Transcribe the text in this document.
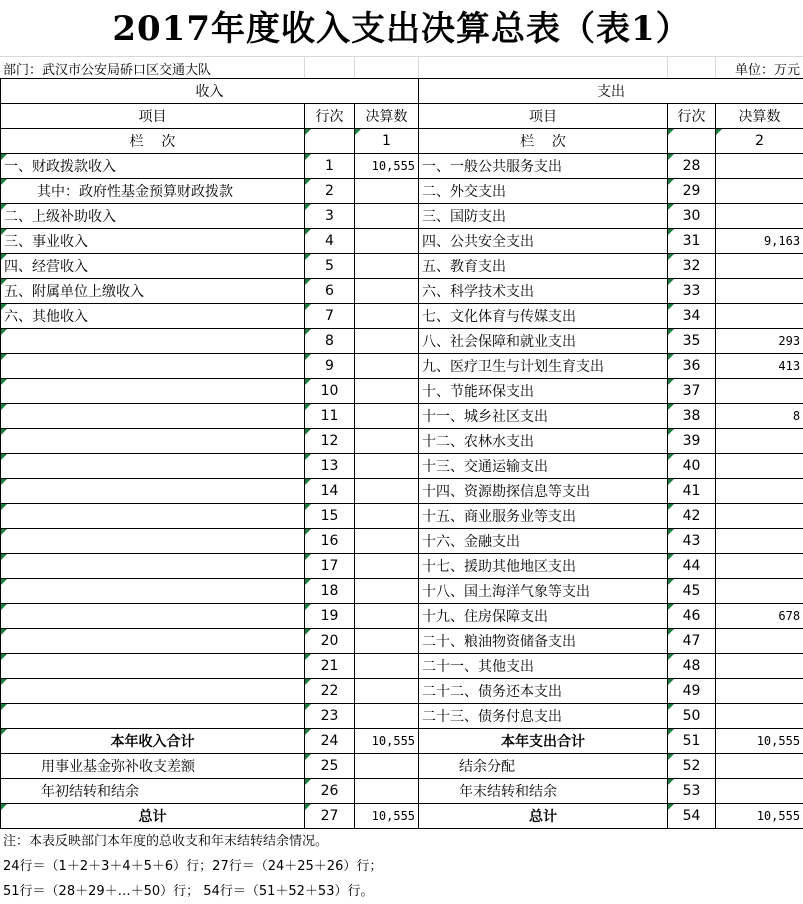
2017年度收入支出决算总表（表1）
部门：武汉市公安局硚口区交通大队	单位：万元
收入			支出		
项目	行次	决算数	项目	行次	决算数
栏    次		1	栏    次		2
一、财政拨款收入	1	10,555	一、一般公共服务支出	28	
其中：政府性基金预算财政拨款	2		二、外交支出	29	
二、上级补助收入	3		三、国防支出	30	
三、事业收入	4		四、公共安全支出	31	9,163
四、经营收入	5		五、教育支出	32	
五、附属单位上缴收入	6		六、科学技术支出	33	
六、其他收入	7		七、文化体育与传媒支出	34	
	8		八、社会保障和就业支出	35	293
	9		九、医疗卫生与计划生育支出	36	413
	10		十、节能环保支出	37	
	11		十一、城乡社区支出	38	8
	12		十二、农林水支出	39	
	13		十三、交通运输支出	40	
	14		十四、资源勘探信息等支出	41	
	15		十五、商业服务业等支出	42	
	16		十六、金融支出	43	
	17		十七、援助其他地区支出	44	
	18		十八、国土海洋气象等支出	45	
	19		十九、住房保障支出	46	678
	20		二十、粮油物资储备支出	47	
	21		二十一、其他支出	48	
	22		二十二、债务还本支出	49	
	23		二十三、债务付息支出	50	
本年收入合计	24	10,555	本年支出合计	51	10,555
用事业基金弥补收支差额	25		结余分配	52	
年初结转和结余	26		年末结转和结余	53	
总计	27	10,555	总计	54	10,555
注：本表反映部门本年度的总收支和年末结转结余情况。
24行＝（1＋2＋3＋4＋5＋6）行；27行＝（24＋25＋26）行；
51行＝（28＋29＋…＋50）行； 54行＝（51＋52＋53）行。
